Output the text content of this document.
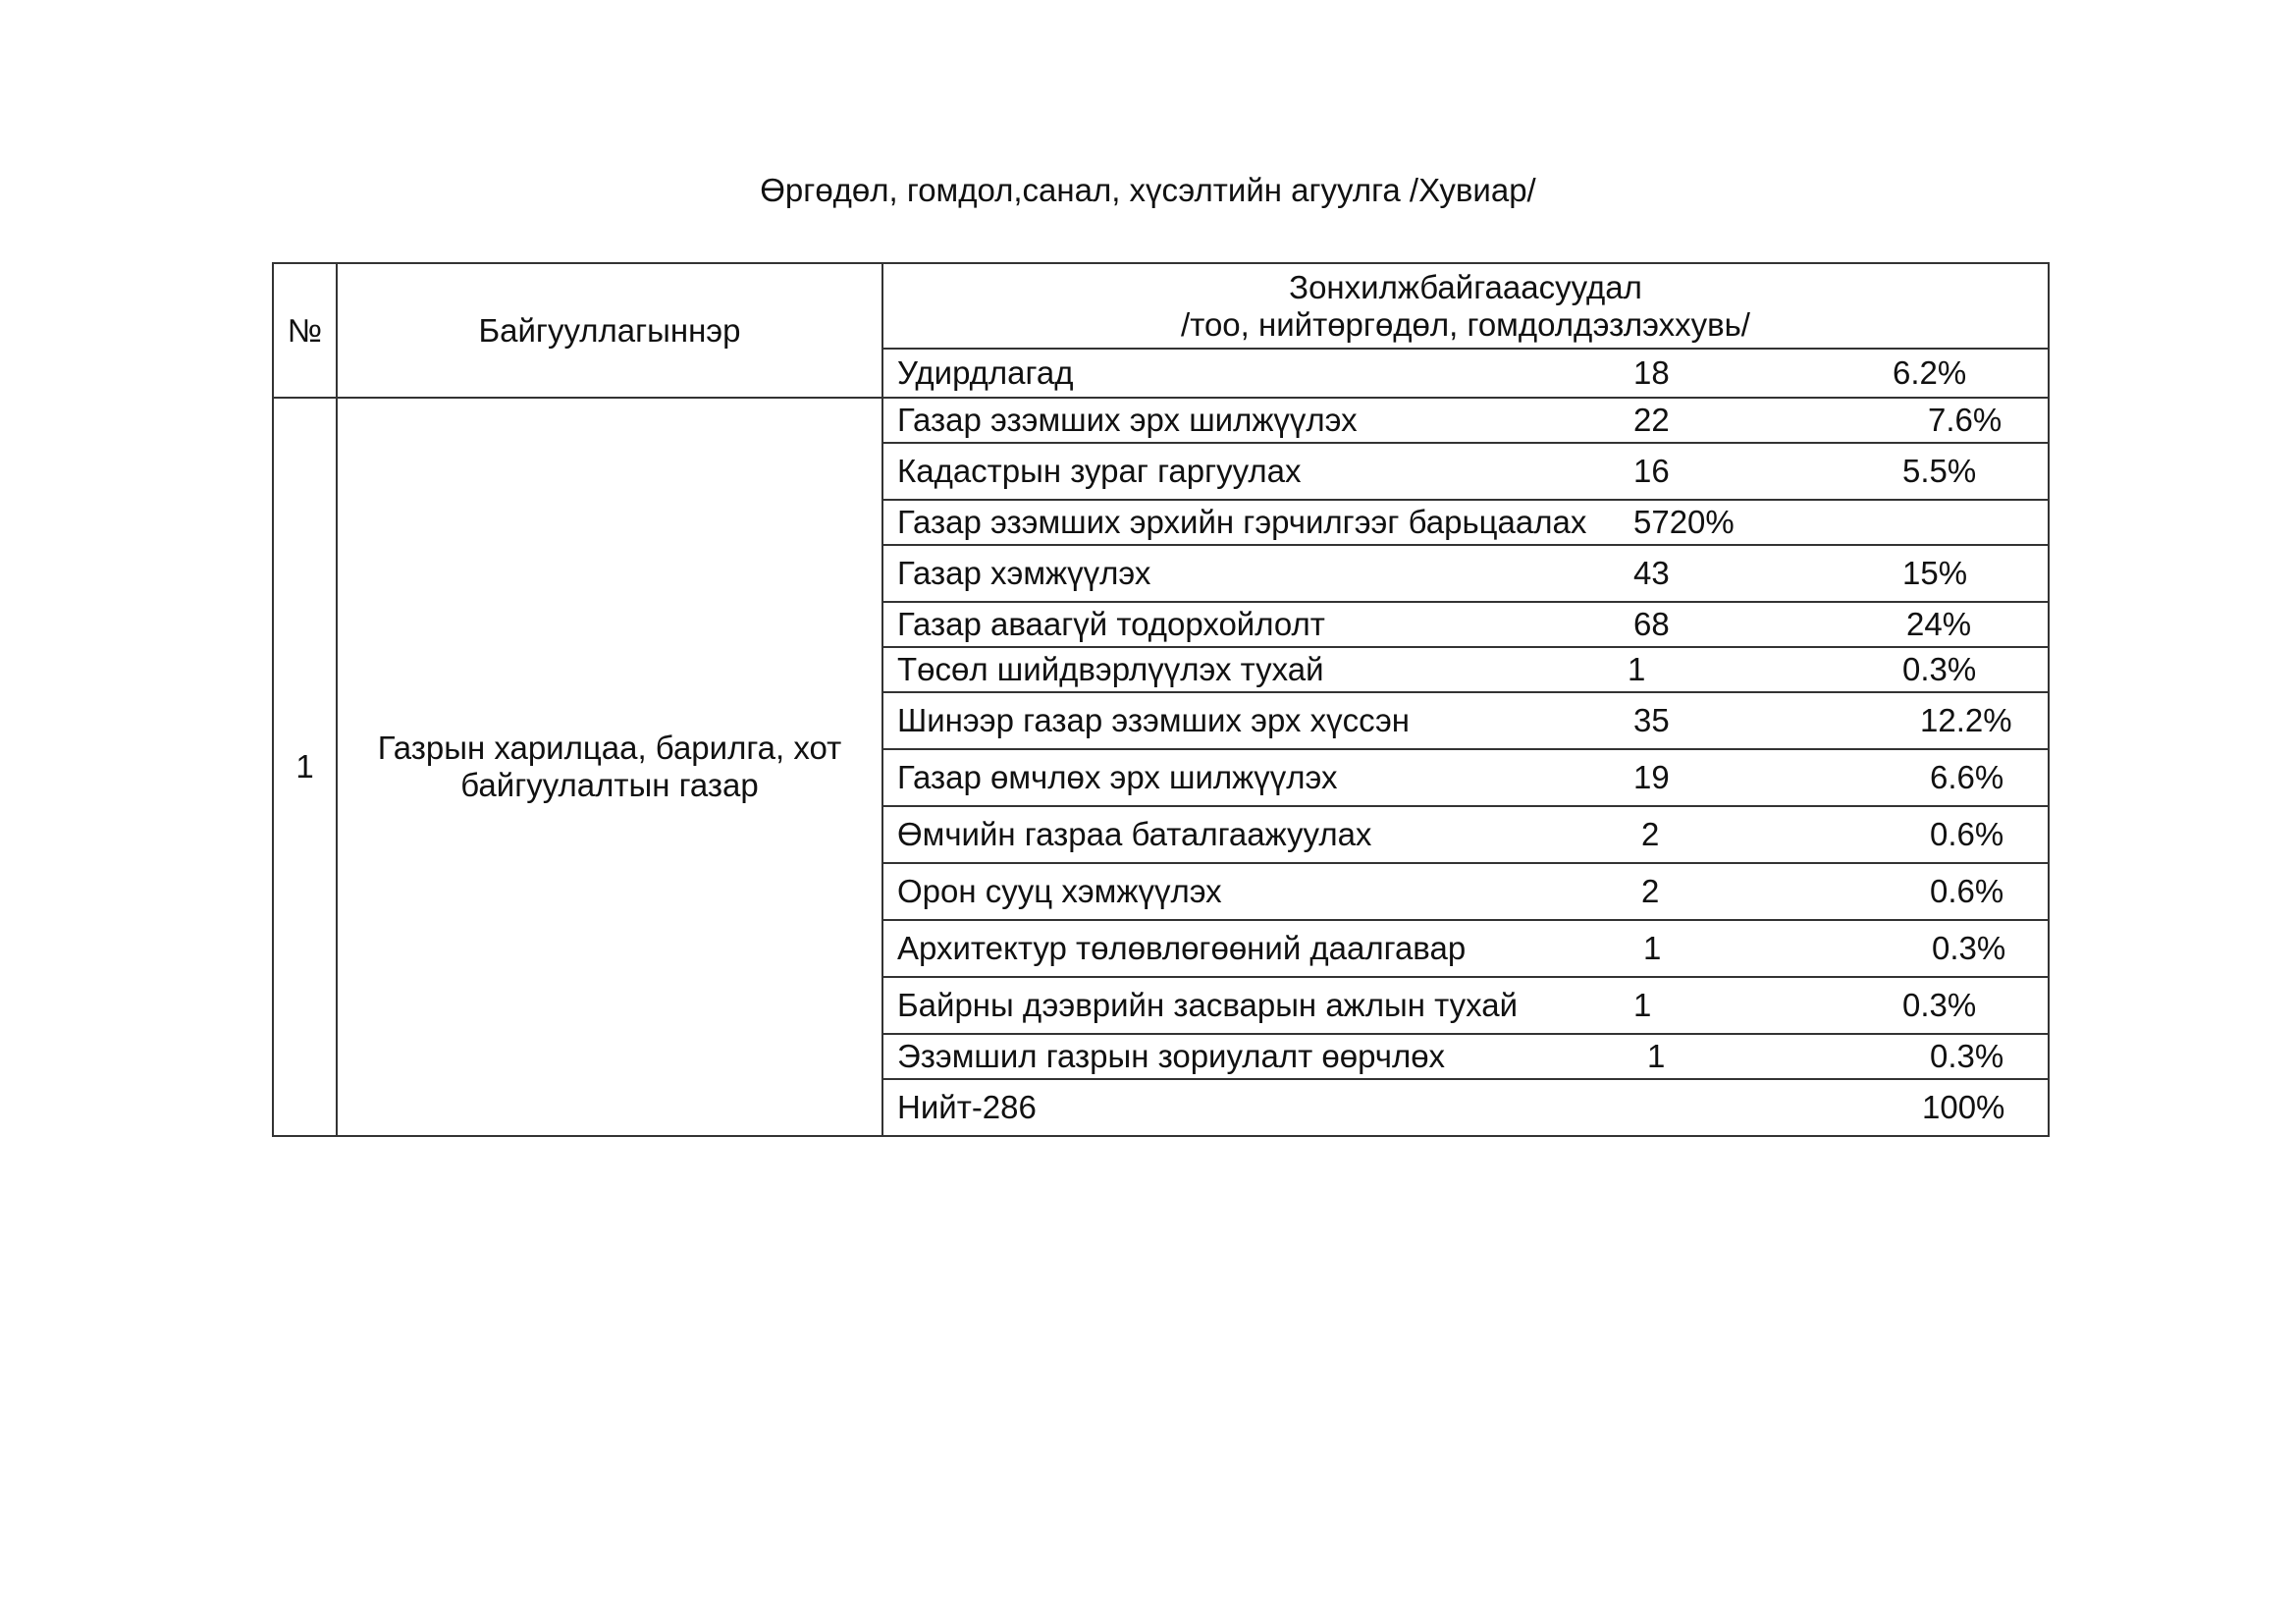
Өргөдөл, гомдол,санал, хүсэлтийн агуулга /Хувиар/
№	Байгууллагыннэр	Зонхилжбайгааасуудал
/тоо, нийтөргөдөл, гомдолдэзлэххувь/		

		Удирдлагад	18	6.2%
1	Газрын харилцаа, барилга, хот байгуулалтын газар	Газар эзэмших эрх шилжүүлэх	22	7.6%
		Кадастрын зураг гаргуулах	16	5.5%
		Газар эзэмших эрхийн гэрчилгээг барьцаалах	5720%	
		Газар хэмжүүлэх	43	15%
		Газар аваагүй тодорхойлолт	68	24%
		Төсөл шийдвэрлүүлэх тухай	1	0.3%
		Шинээр газар эзэмших эрх хүссэн	35	12.2%
		Газар өмчлөх эрх шилжүүлэх	19	6.6%
		Өмчийн газраа баталгаажуулах	2	0.6%
		Орон сууц хэмжүүлэх	2	0.6%
		Архитектур төлөвлөгөөний даалгавар	1	0.3%
		Байрны дээврийн засварын ажлын тухай	1	0.3%
		Эзэмшил газрын зориулалт өөрчлөх	1	0.3%
		Нийт-286		100%
